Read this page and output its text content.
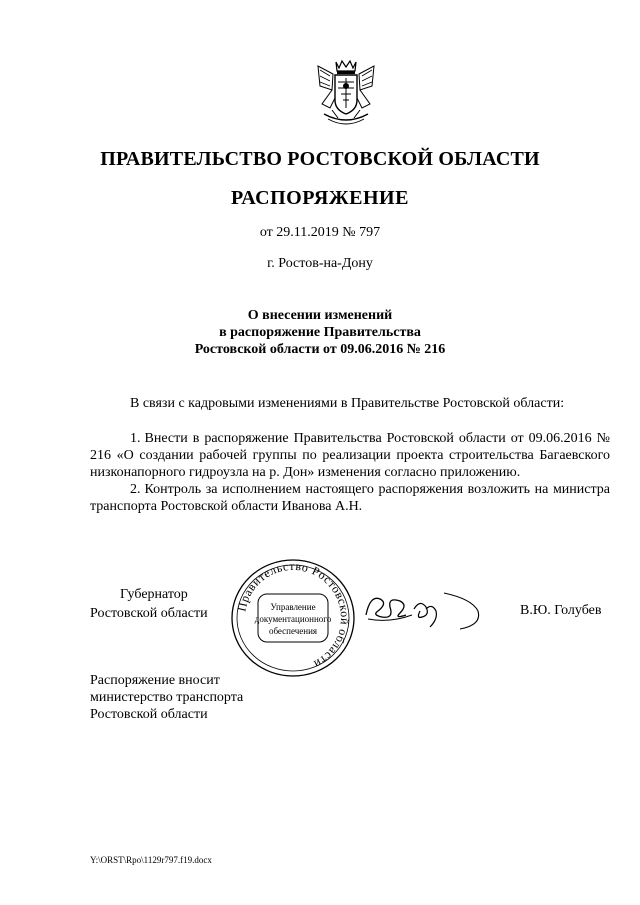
ПРАВИТЕЛЬСТВО РОСТОВСКОЙ ОБЛАСТИ
РАСПОРЯЖЕНИЕ
от 29.11.2019 № 797
г. Ростов-на-Дону
О внесении изменений
в распоряжение Правительства
Ростовской области от 09.06.2016 № 216
В связи с кадровыми изменениями в Правительстве Ростовской области:

1. Внести в распоряжение Правительства Ростовской области от 09.06.2016 № 216 «О создании рабочей группы по реализации проекта строительства Багаевского низконапорного гидроузла на р. Дон» изменения согласно приложению.

2. Контроль за исполнением настоящего распоряжения возложить на министра транспорта Ростовской области Иванова А.Н.

Губернатор
Ростовской области Правительство Ростовской области
Управление
документационного
обеспечения
В.Ю. Голубев
Распоряжение вносит
министерство транспорта
Ростовской области
Y:\ORST\Rpo\1129r797.f19.docx
